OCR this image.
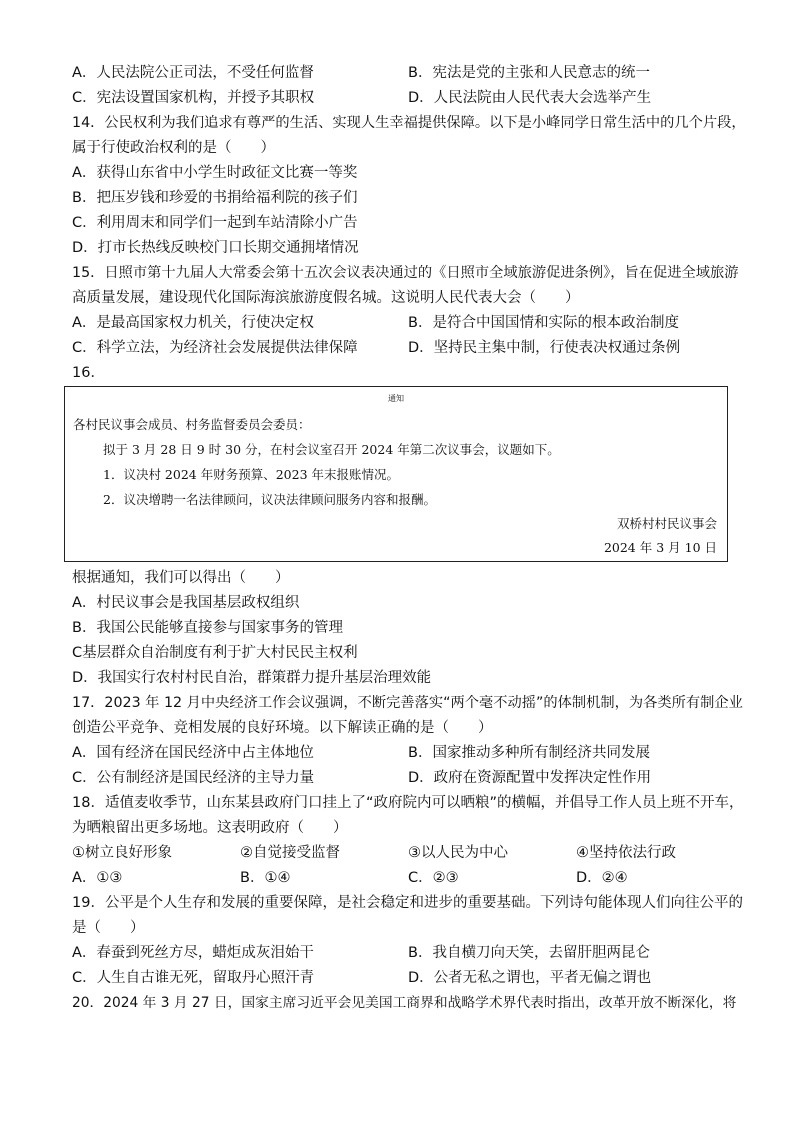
A．人民法院公正司法，不受任何监督	B．宪法是党的主张和人民意志的统一
C．宪法设置国家机构，并授予其职权	D．人民法院由人民代表大会选举产生
14．公民权利为我们追求有尊严的生活、实现人生幸福提供保障。以下是小峰同学日常生活中的几个片段，
属于行使政治权利的是（　　）
A．获得山东省中小学生时政征文比赛一等奖
B．把压岁钱和珍爱的书捐给福利院的孩子们
C．利用周末和同学们一起到车站清除小广告
D．打市长热线反映校门口长期交通拥堵情况
15．日照市第十九届人大常委会第十五次会议表决通过的《日照市全域旅游促进条例》，旨在促进全域旅游
高质量发展，建设现代化国际海滨旅游度假名城。这说明人民代表大会（　　）
A．是最高国家权力机关，行使决定权	B．是符合中国国情和实际的根本政治制度
C．科学立法，为经济社会发展提供法律保障	D．坚持民主集中制，行使表决权通过条例
16．
通知
各村民议事会成员、村务监督委员会委员：
拟于 3 月 28 日 9 时 30 分，在村会议室召开 2024 年第二次议事会，议题如下。
1．议决村 2024 年财务预算、2023 年末报账情况。
2．议决增聘一名法律顾问，议决法律顾问服务内容和报酬。
双桥村村民议事会
2024 年 3 月 10 日
根据通知，我们可以得出（　　）
A．村民议事会是我国基层政权组织
B．我国公民能够直接参与国家事务的管理
C基层群众自治制度有利于扩大村民民主权利
D．我国实行农村村民自治，群策群力提升基层治理效能
17．2023 年 12 月中央经济工作会议强调，不断完善落实“两个毫不动摇”的体制机制，为各类所有制企业
创造公平竞争、竞相发展的良好环境。以下解读正确的是（　　）
A．国有经济在国民经济中占主体地位	B．国家推动多种所有制经济共同发展
C．公有制经济是国民经济的主导力量	D．政府在资源配置中发挥决定性作用
18．适值麦收季节，山东某县政府门口挂上了“政府院内可以晒粮”的横幅，并倡导工作人员上班不开车，
为晒粮留出更多场地。这表明政府（　　）
①树立良好形象	②自觉接受监督	③以人民为中心	④坚持依法行政
A．①③	B．①④	C．②③	D．②④
19．公平是个人生存和发展的重要保障，是社会稳定和进步的重要基础。下列诗句能体现人们向往公平的
是（　　）
A．春蚕到死丝方尽，蜡炬成灰泪始干	B．我自横刀向天笑，去留肝胆两昆仑
C．人生自古谁无死，留取丹心照汗青	D．公者无私之谓也，平者无偏之谓也
20．2024 年 3 月 27 日，国家主席习近平会见美国工商界和战略学术界代表时指出，改革开放不断深化，将
